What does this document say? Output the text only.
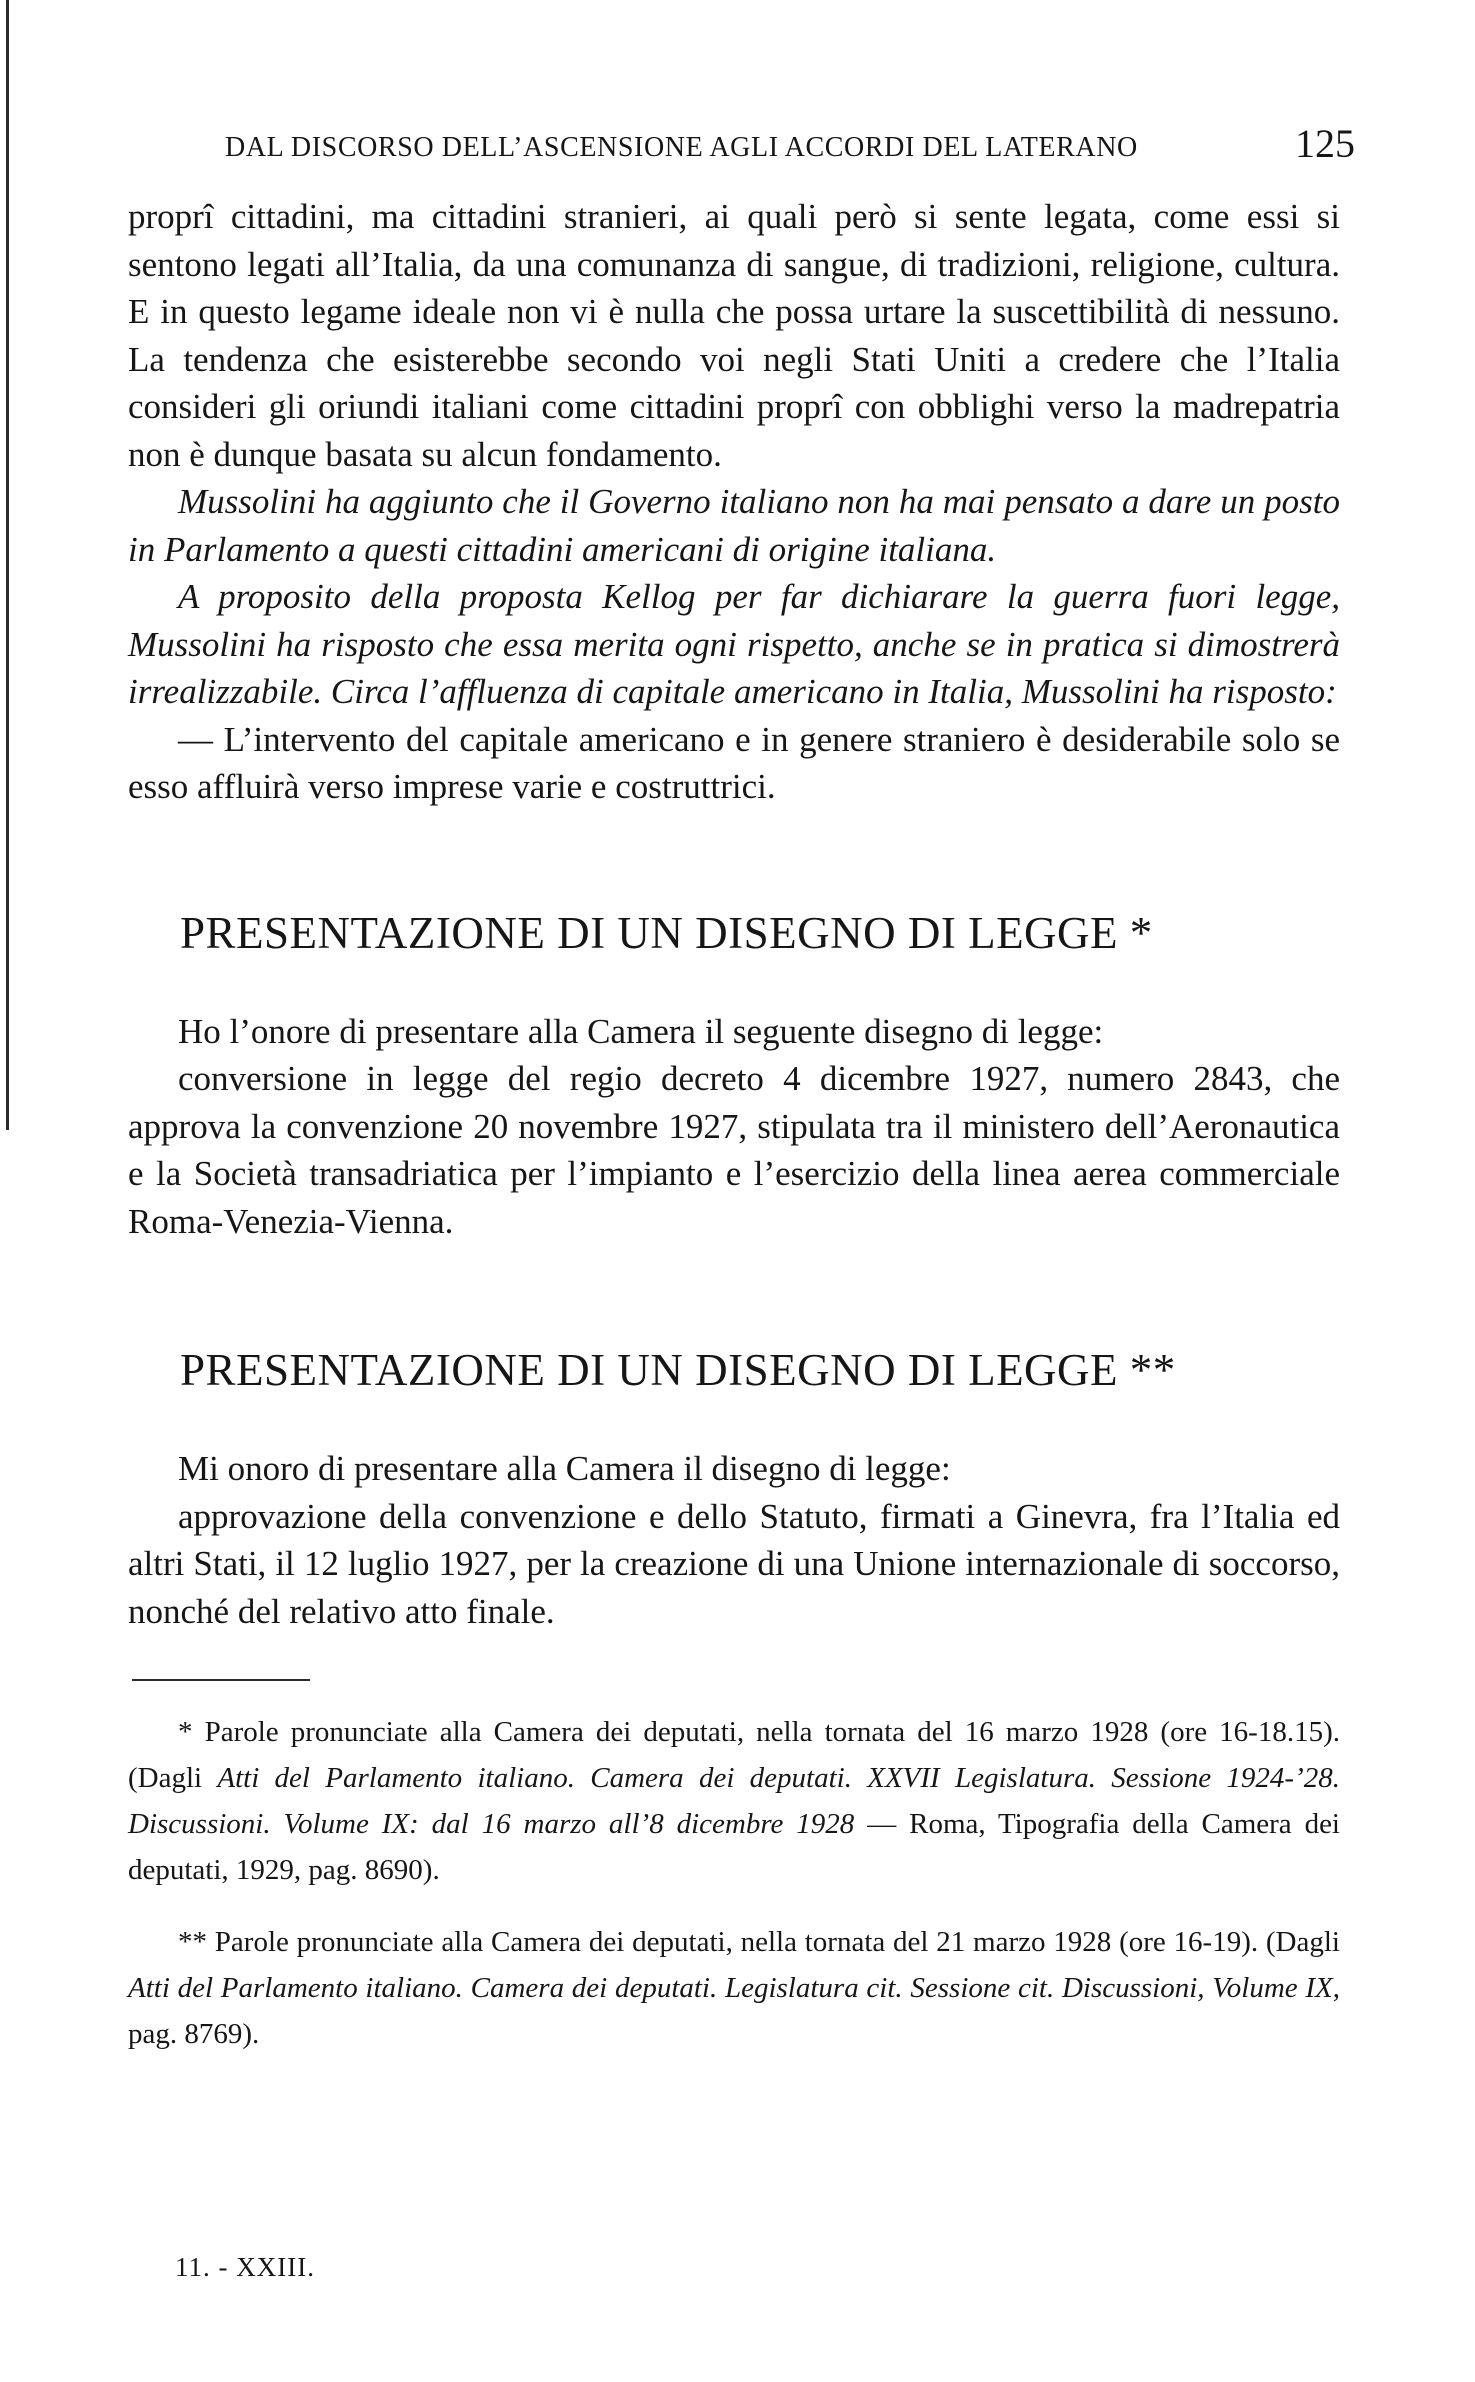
DAL DISCORSO DELL’ASCENSIONE AGLI ACCORDI DEL LATERANO	125

proprî cittadini, ma cittadini stranieri, ai quali però si sente legata, come essi si sentono legati all’Italia, da una comunanza di sangue, di tradizioni, religione, cultura. E in questo legame ideale non vi è nulla che possa urtare la suscettibilità di nessuno. La tendenza che esisterebbe secondo voi negli Stati Uniti a credere che l’Italia consideri gli oriundi italiani come cittadini proprî con obblighi verso la madrepatria non è dunque basata su alcun fondamento.

Mussolini ha aggiunto che il Governo italiano non ha mai pensato a dare un posto in Parlamento a questi cittadini americani di origine italiana.

A proposito della proposta Kellog per far dichiarare la guerra fuori legge, Mussolini ha risposto che essa merita ogni rispetto, anche se in pratica si dimostrerà irrealizzabile. Circa l’affluenza di capitale americano in Italia, Mussolini ha risposto:

— L’intervento del capitale americano e in genere straniero è desiderabile solo se esso affluirà verso imprese varie e costruttrici.

PRESENTAZIONE DI UN DISEGNO DI LEGGE *

Ho l’onore di presentare alla Camera il seguente disegno di legge:

conversione in legge del regio decreto 4 dicembre 1927, numero 2843, che approva la convenzione 20 novembre 1927, stipulata tra il ministero dell’Aeronautica e la Società transadriatica per l’impianto e l’esercizio della linea aerea commerciale Roma-Venezia-Vienna.

PRESENTAZIONE DI UN DISEGNO DI LEGGE **

Mi onoro di presentare alla Camera il disegno di legge:

approvazione della convenzione e dello Statuto, firmati a Ginevra, fra l’Italia ed altri Stati, il 12 luglio 1927, per la creazione di una Unione internazionale di soccorso, nonché del relativo atto finale.

* Parole pronunciate alla Camera dei deputati, nella tornata del 16 marzo 1928 (ore 16-18.15). (Dagli Atti del Parlamento italiano. Camera dei deputati. XXVII Legislatura. Sessione 1924-’28. Discussioni. Volume IX: dal 16 marzo all’8 dicembre 1928 — Roma, Tipografia della Camera dei deputati, 1929, pag. 8690).

** Parole pronunciate alla Camera dei deputati, nella tornata del 21 marzo 1928 (ore 16-19). (Dagli Atti del Parlamento italiano. Camera dei deputati. Legislatura cit. Sessione cit. Discussioni, Volume IX, pag. 8769).

11. - XXIII.
